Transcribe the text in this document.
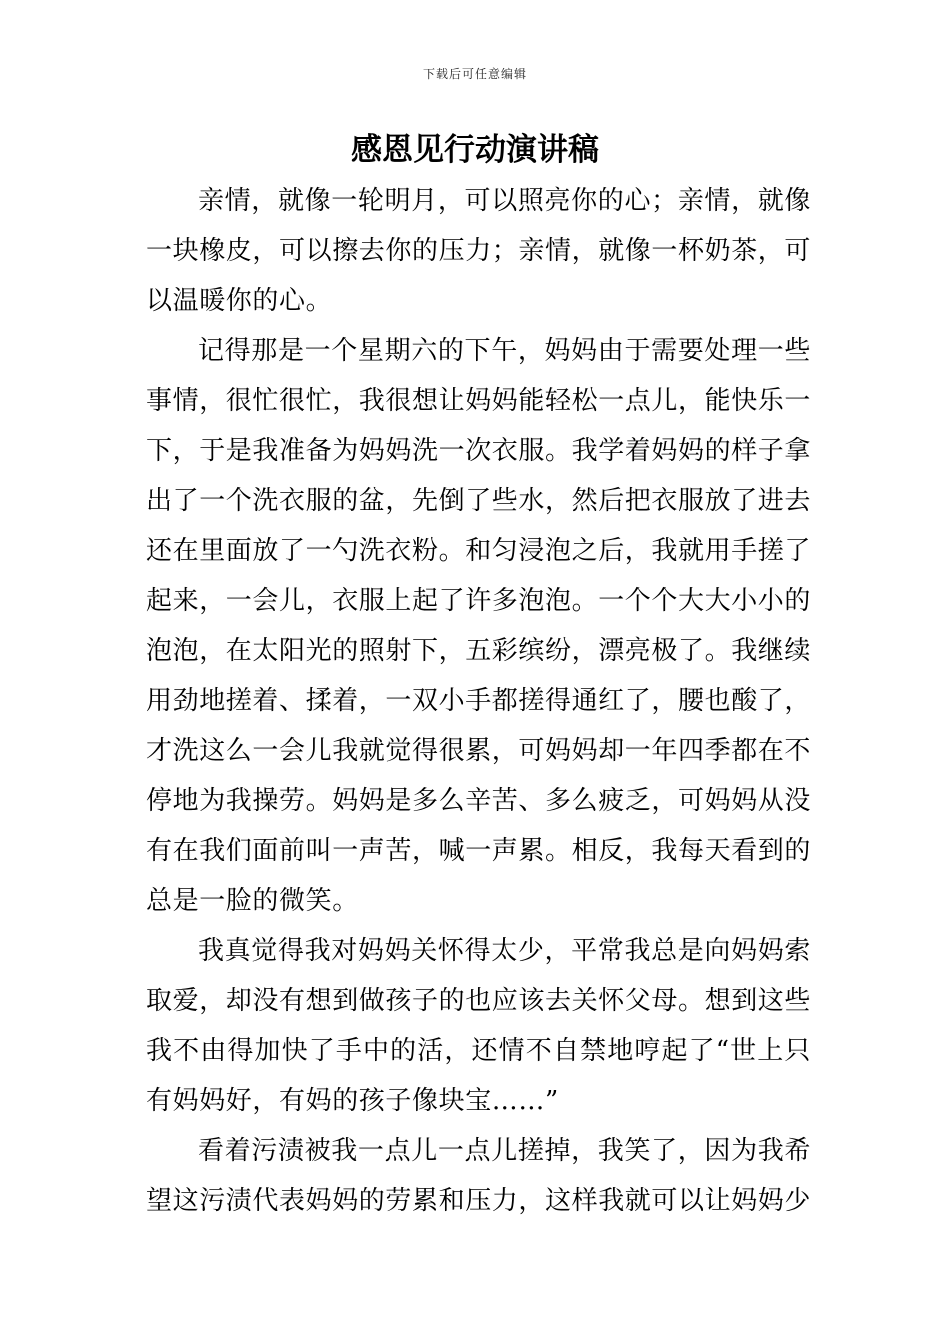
下载后可任意编辑
感恩见行动演讲稿

亲情，就像一轮明月，可以照亮你的心；亲情，就像一块橡皮，可以擦去你的压力；亲情，就像一杯奶茶，可以温暖你的心。

记得那是一个星期六的下午，妈妈由于需要处理一些事情，很忙很忙，我很想让妈妈能轻松一点儿，能快乐一下，于是我准备为妈妈洗一次衣服。我学着妈妈的样子拿出了一个洗衣服的盆，先倒了些水，然后把衣服放了进去还在里面放了一勺洗衣粉。和匀浸泡之后，我就用手搓了起来，一会儿，衣服上起了许多泡泡。一个个大大小小的泡泡，在太阳光的照射下，五彩缤纷，漂亮极了。我继续用劲地搓着、揉着，一双小手都搓得通红了，腰也酸了，才洗这么一会儿我就觉得很累，可妈妈却一年四季都在不停地为我操劳。妈妈是多么辛苦、多么疲乏，可妈妈从没有在我们面前叫一声苦，喊一声累。相反，我每天看到的总是一脸的微笑。

我真觉得我对妈妈关怀得太少，平常我总是向妈妈索取爱，却没有想到做孩子的也应该去关怀父母。想到这些我不由得加快了手中的活，还情不自禁地哼起了“世上只有妈妈好，有妈的孩子像块宝……”

看着污渍被我一点儿一点儿搓掉，我笑了，因为我希望这污渍代表妈妈的劳累和压力，这样我就可以让妈妈少
